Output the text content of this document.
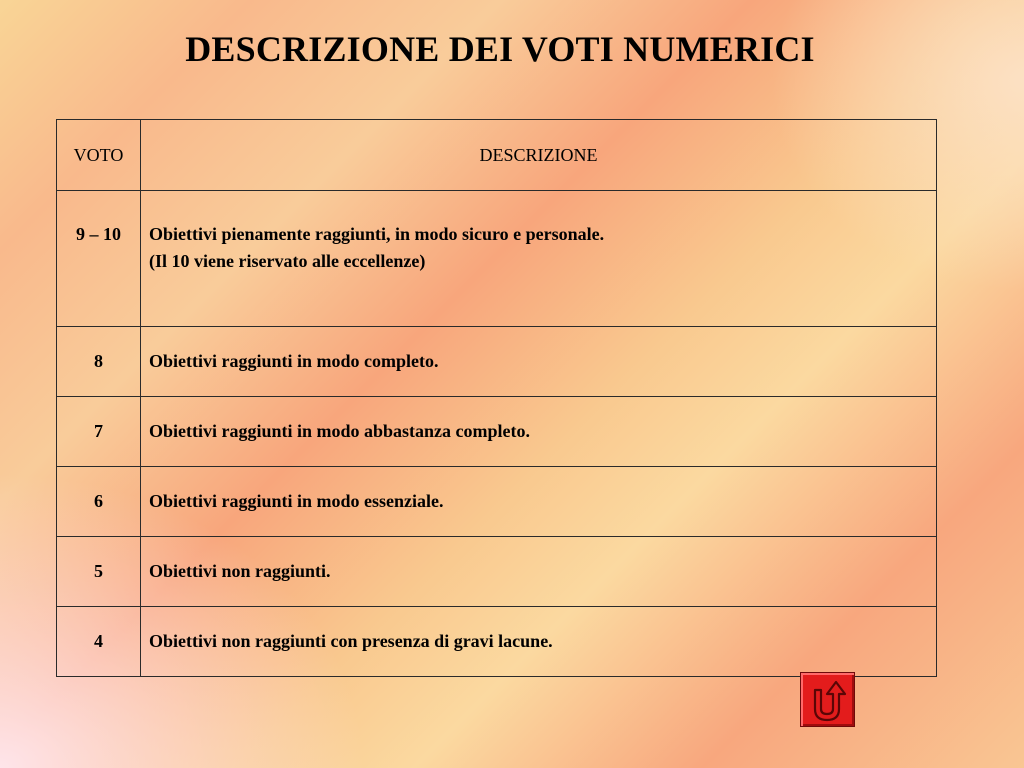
DESCRIZIONE DEI VOTI NUMERICI
VOTO	DESCRIZIONE
9 – 10	Obiettivi pienamente raggiunti, in modo sicuro e personale.
(Il 10 viene riservato alle eccellenze)

8	Obiettivi raggiunti in modo completo.
7	Obiettivi raggiunti in modo abbastanza completo.
6	Obiettivi raggiunti in modo essenziale.
5	Obiettivi non raggiunti.
4	Obiettivi non raggiunti con presenza di gravi lacune.
